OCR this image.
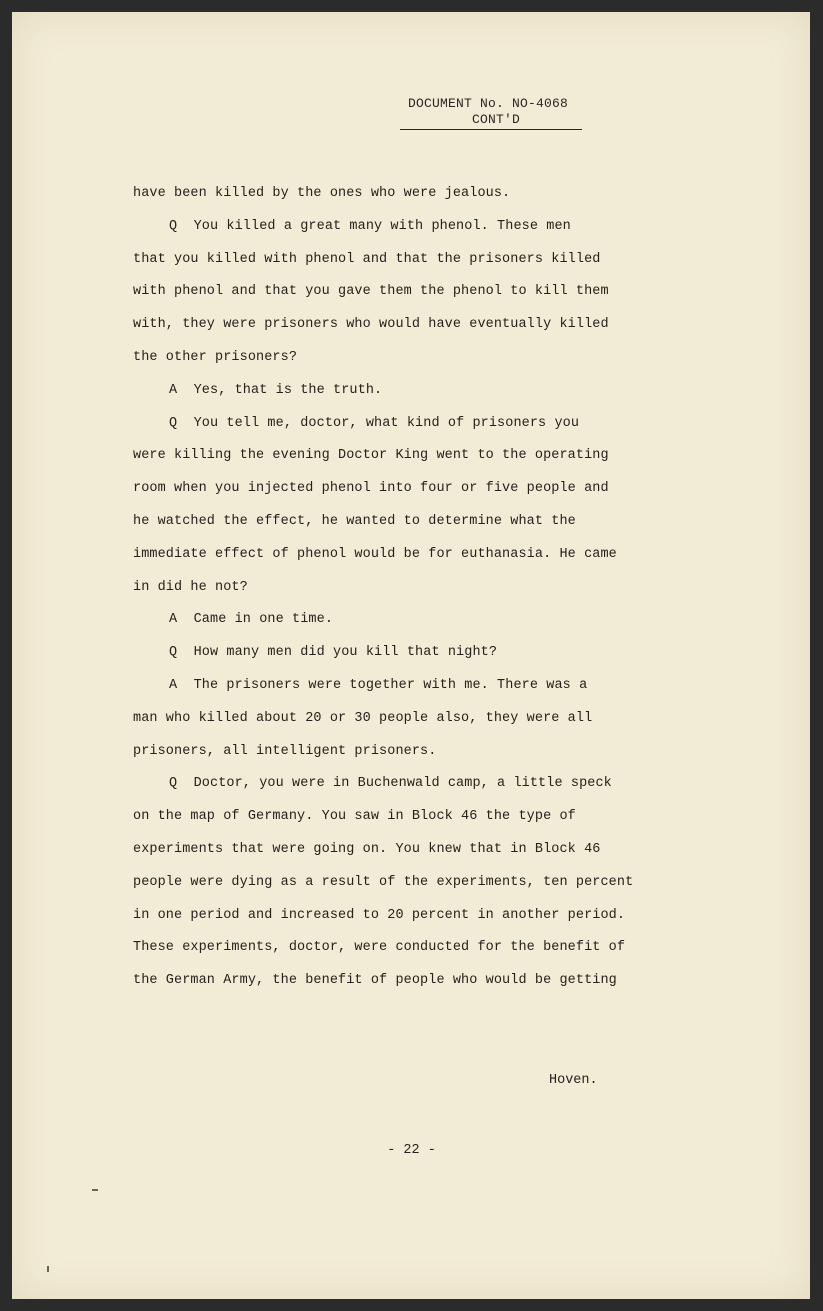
DOCUMENT No. NO-4068
CONT'D
have been killed by the ones who were jealous.
Q  You killed a great many with phenol. These men
that you killed with phenol and that the prisoners killed
with phenol and that you gave them the phenol to kill them
with, they were prisoners who would have eventually killed
the other prisoners?
A  Yes, that is the truth.
Q  You tell me, doctor, what kind of prisoners you
were killing the evening Doctor King went to the operating
room when you injected phenol into four or five people and
he watched the effect, he wanted to determine what the
immediate effect of phenol would be for euthanasia. He came
in did he not?
A  Came in one time.
Q  How many men did you kill that night?
A  The prisoners were together with me. There was a
man who killed about 20 or 30 people also, they were all
prisoners, all intelligent prisoners.
Q  Doctor, you were in Buchenwald camp, a little speck
on the map of Germany. You saw in Block 46 the type of
experiments that were going on. You knew that in Block 46
people were dying as a result of the experiments, ten percent
in one period and increased to 20 percent in another period.
These experiments, doctor, were conducted for the benefit of
the German Army, the benefit of people who would be getting
Hoven.
- 22 -
